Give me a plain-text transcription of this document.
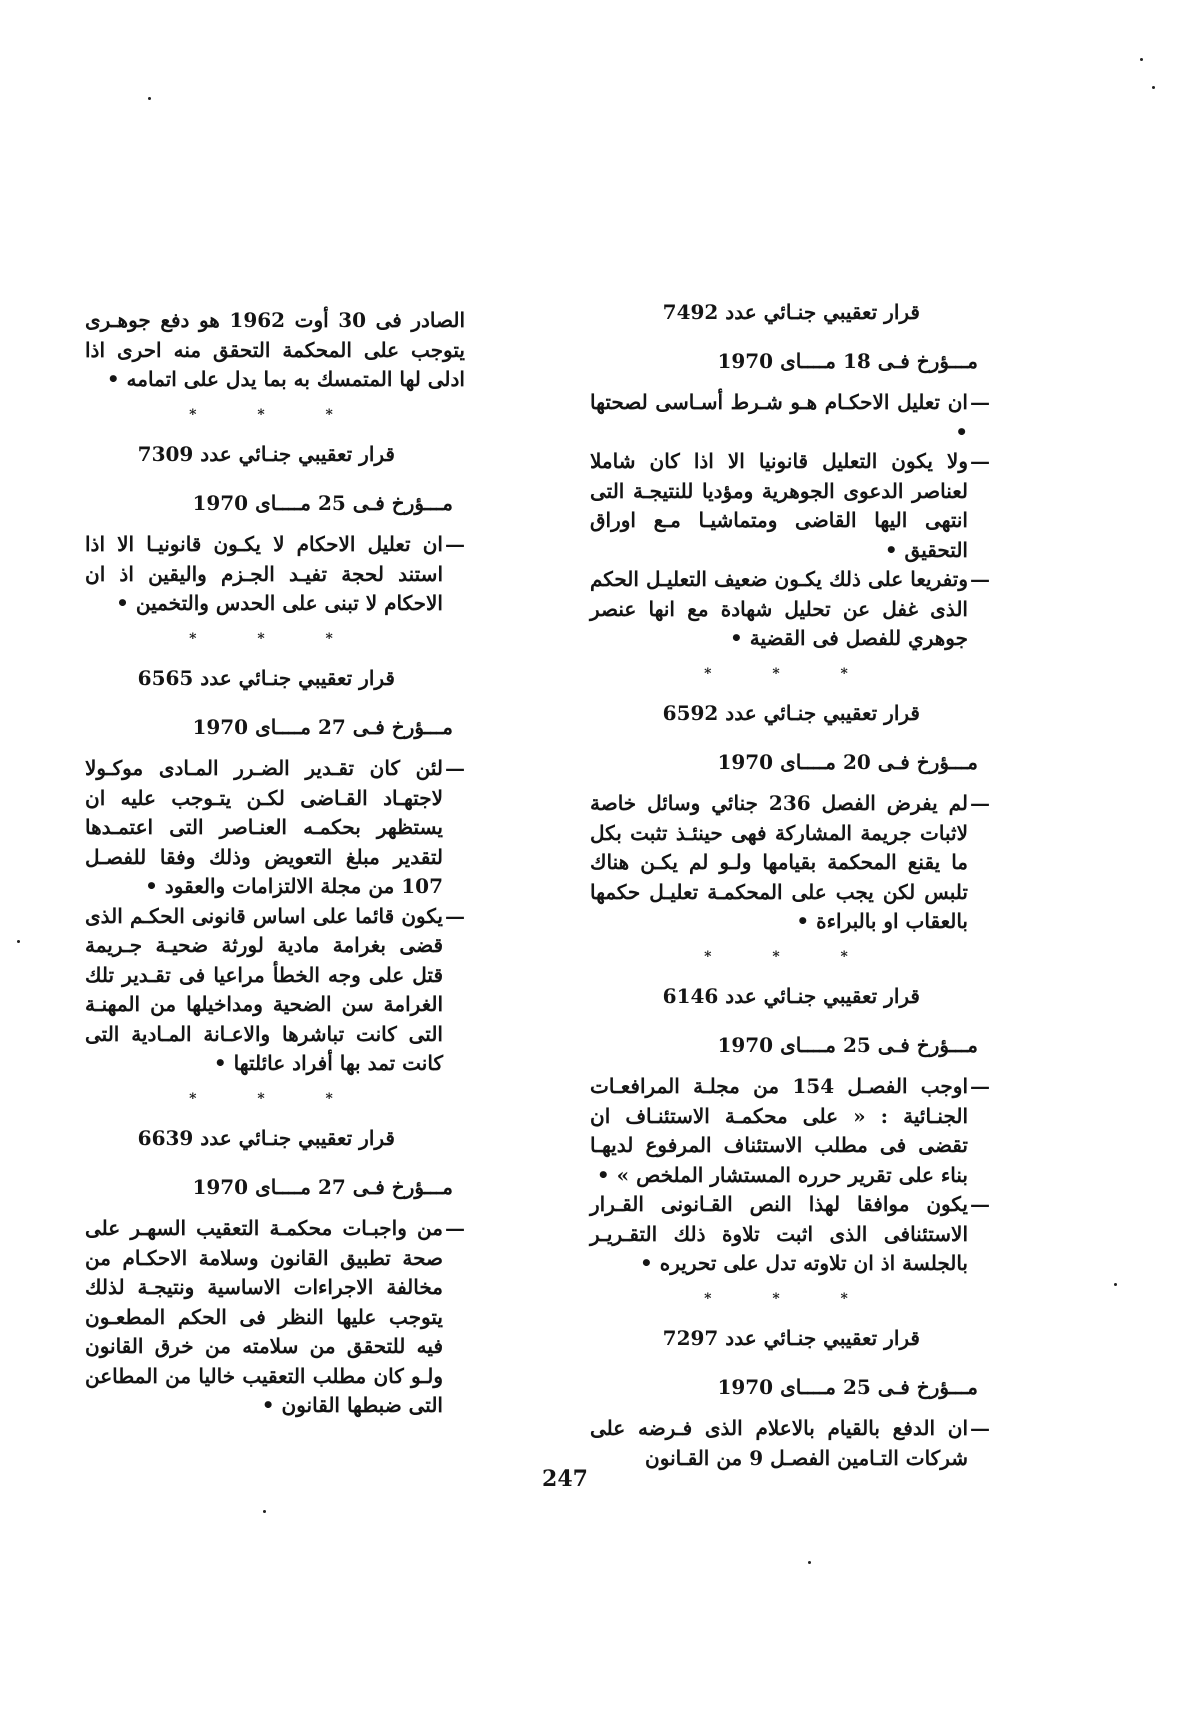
قرار تعقيبي جنـائي عدد 7492
مـــؤرخ فـى 18 مــــاى 1970
—
ان تعليل الاحكـام هـو شـرط أسـاسى لصحتها •
—
ولا يكون التعليل قانونيا الا اذا كان شاملا لعناصر الدعوى الجوهرية ومؤديا للنتيجـة التى انتهى اليها القاضى ومتماشيـا مـع اوراق التحقيق •
—
وتفريعا على ذلك يكـون ضعيف التعليـل الحكم الذى غفل عن تحليل شهادة مع انها عنصر جوهري للفصل فى القضية •
* * *
قرار تعقيبي جنـائي عدد 6592
مـــؤرخ فـى 20 مــــاى 1970
—
لم يفرض الفصل 236 جنائي وسائل خاصة لاثبات جريمة المشاركة فهى حينئـذ تثبت بكل ما يقنع المحكمة بقيامها ولـو لم يكـن هناك تلبس لكن يجب على المحكمـة تعليـل حكمها بالعقاب او بالبراءة •
* * *
قرار تعقيبي جنـائي عدد 6146
مـــؤرخ فـى 25 مــــاى 1970
—
اوجب الفصـل 154 من مجلـة المرافعـات الجنـائية : « على محكمـة الاستئنـاف ان تقضى فى مطلب الاستئناف المرفوع لديهـا بناء على تقرير حرره المستشار الملخص » •
—
يكون موافقا لهذا النص القـانونى القـرار الاستئنافى الذى اثبت تلاوة ذلك التقـريـر بالجلسة اذ ان تلاوته تدل على تحريره •
* * *
قرار تعقيبي جنـائي عدد 7297
مـــؤرخ فـى 25 مــــاى 1970
—
ان الدفع بالقيام بالاعلام الذى فـرضه على شركات التـامين الفصـل 9 من القـانون
الصادر فى 30 أوت 1962 هو دفع جوهـرى يتوجب على المحكمة التحقق منه احرى اذا ادلى لها المتمسك به بما يدل على اتمامه •
* * *
قرار تعقيبي جنـائي عدد 7309
مـــؤرخ فـى 25 مــــاى 1970
—
ان تعليل الاحكام لا يكـون قانونيـا الا اذا استند لحجة تفيـد الجـزم واليقين اذ ان الاحكام لا تبنى على الحدس والتخمين •
* * *
قرار تعقيبي جنـائي عدد 6565
مـــؤرخ فـى 27 مــــاى 1970
—
لئن كان تقـدير الضـرر المـادى موكـولا لاجتهـاد القـاضى لكـن يتـوجب عليه ان يستظهر بحكمـه العنـاصر التى اعتمـدها لتقدير مبلغ التعويض وذلك وفقا للفصـل 107 من مجلة الالتزامات والعقود •
—
يكون قائما على اساس قانونى الحكـم الذى قضى بغرامة مادية لورثة ضحيـة جـريمة قتل على وجه الخطأ مراعيا فى تقـدير تلك الغرامة سن الضحية ومداخيلها من المهنـة التى كانت تباشرها والاعـانة المـادية التى كانت تمد بها أفراد عائلتها •
* * *
قرار تعقيبي جنـائي عدد 6639
مـــؤرخ فـى 27 مــــاى 1970
—
من واجبـات محكمـة التعقيب السهـر على صحة تطبيق القانون وسلامة الاحكـام من مخالفة الاجراءات الاساسية ونتيجـة لذلك يتوجب عليها النظر فى الحكم المطعـون فيه للتحقق من سلامته من خرق القانون ولـو كان مطلب التعقيب خاليا من المطاعن التى ضبطها القانون •
247
